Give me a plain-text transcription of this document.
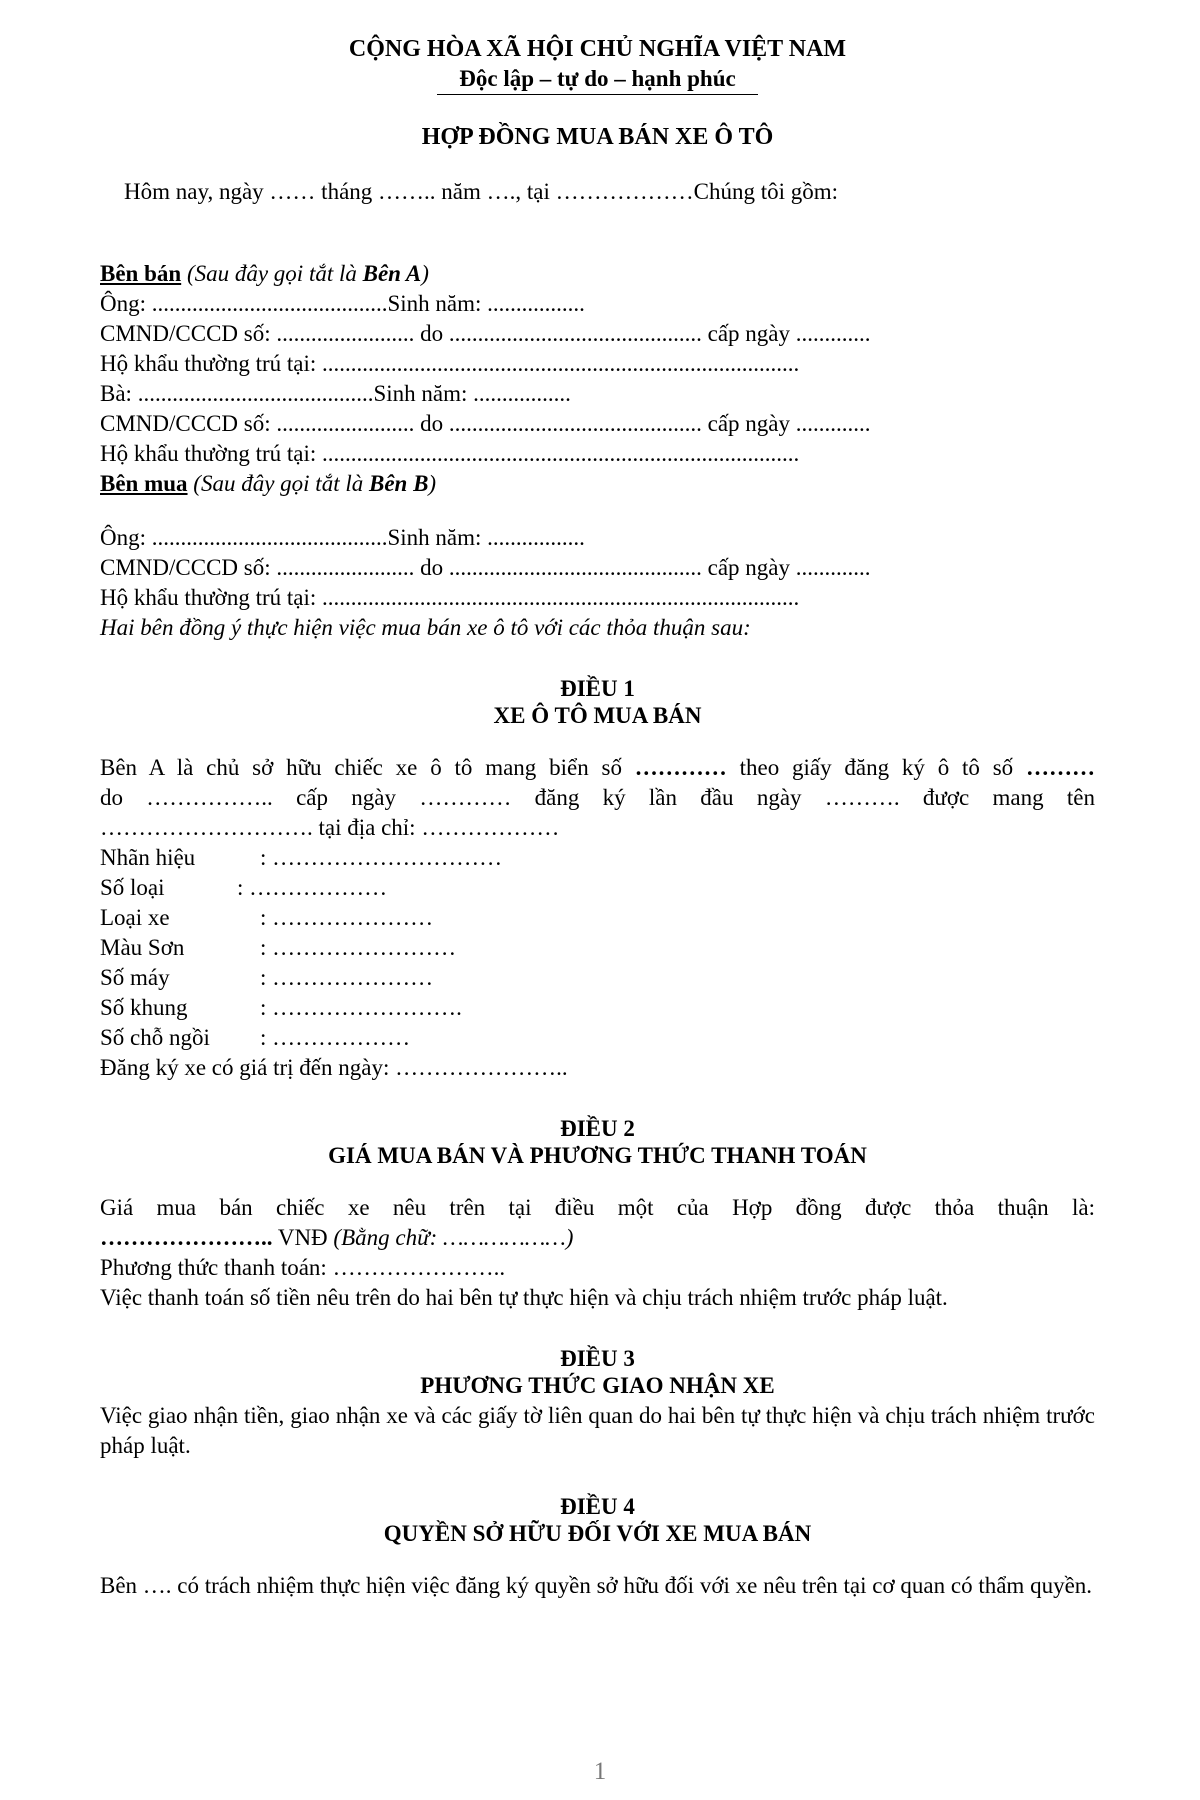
CỘNG HÒA XÃ HỘI CHỦ NGHĨA VIỆT NAM
Độc lập – tự do – hạnh phúc
HỢP ĐỒNG MUA BÁN XE Ô TÔ

Hôm nay, ngày …… tháng …….. năm …., tại ………………Chúng tôi gồm:

Bên bán (Sau đây gọi tắt là Bên A)

Ông: .........................................Sinh năm: .................

CMND/CCCD số: ........................ do ............................................ cấp ngày .............

Hộ khẩu thường trú tại: ...................................................................................

Bà: .........................................Sinh năm: .................

CMND/CCCD số: ........................ do ............................................ cấp ngày .............

Hộ khẩu thường trú tại: ...................................................................................

Bên mua (Sau đây gọi tắt là Bên B)

Ông: .........................................Sinh năm: .................

CMND/CCCD số: ........................ do ............................................ cấp ngày .............

Hộ khẩu thường trú tại: ...................................................................................

Hai bên đồng ý thực hiện việc mua bán xe ô tô với các thỏa thuận sau:

ĐIỀU 1
XE Ô TÔ MUA BÁN

Bên A là chủ sở hữu chiếc xe ô tô mang biển số ………… theo giấy đăng ký ô tô số ………

do …………….. cấp ngày ………… đăng ký lần đầu ngày ………. được mang tên

………………………. tại địa chỉ: ………………

Nhãn hiệu	: …………………………
Số loại	: ………………
Loại xe	: …………………
Màu Sơn	: ……………………
Số máy	: …………………
Số khung	: …………………….
Số chỗ ngồi	: ………………

Đăng ký xe có giá trị đến ngày: …………………..

ĐIỀU 2
GIÁ MUA BÁN VÀ PHƯƠNG THỨC THANH TOÁN

Giá mua bán chiếc xe nêu trên tại điều một của Hợp đồng được thỏa thuận là:

………………….. VNĐ (Bằng chữ: ………………)

Phương thức thanh toán: …………………..

Việc thanh toán số tiền nêu trên do hai bên tự thực hiện và chịu trách nhiệm trước pháp luật.

ĐIỀU 3
PHƯƠNG THỨC GIAO NHẬN XE

Việc giao nhận tiền, giao nhận xe và các giấy tờ liên quan do hai bên tự thực hiện và chịu trách nhiệm trước pháp luật.

ĐIỀU 4
QUYỀN SỞ HỮU ĐỐI VỚI XE MUA BÁN

Bên …. có trách nhiệm thực hiện việc đăng ký quyền sở hữu đối với xe nêu trên tại cơ quan có thẩm quyền.

1
